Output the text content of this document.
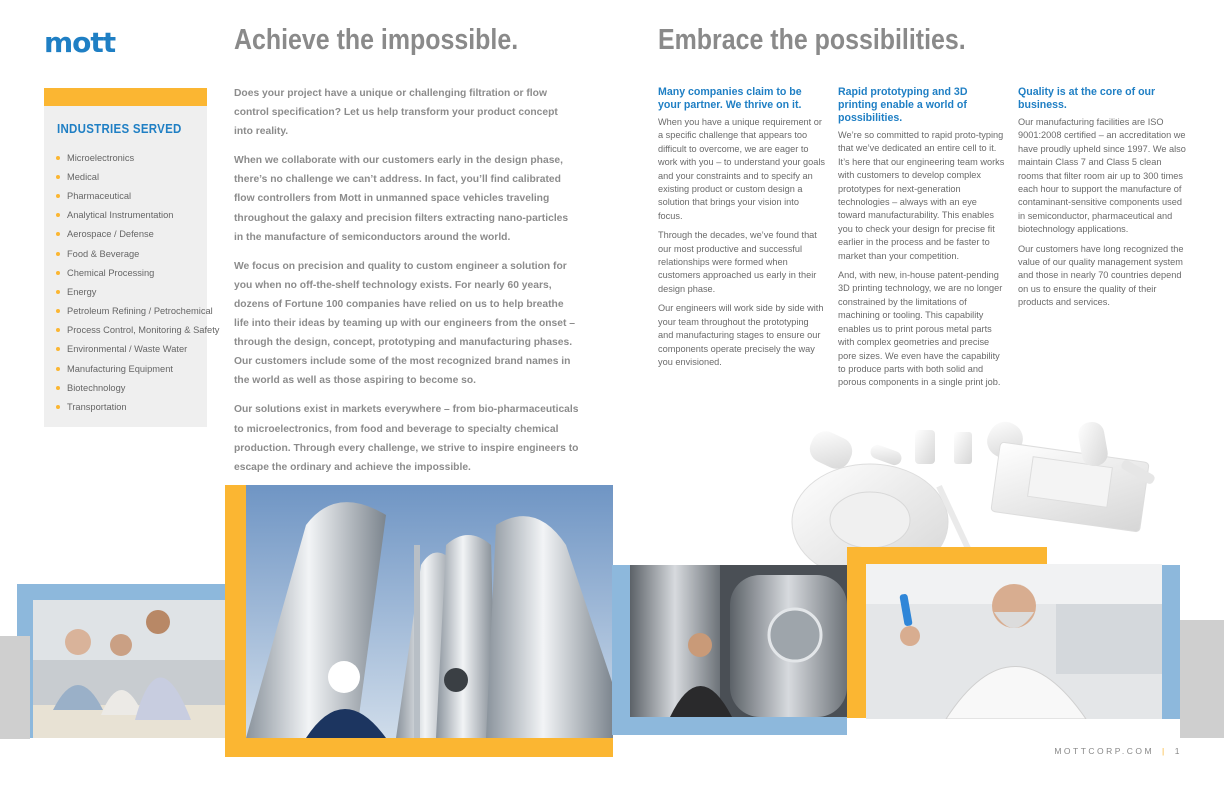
mott	Achieve the impossible.	Embrace the possibilities.
INDUSTRIES SERVED
Microelectronics
Medical
Pharmaceutical
Analytical Instrumentation
Aerospace / Defense
Food & Beverage
Chemical Processing
Energy
Petroleum Refining / Petrochemical
Process Control, Monitoring & Safety
Environmental / Waste Water
Manufacturing Equipment
Biotechnology
Transportation

Does your project have a unique or challenging filtration or flow control specification? Let us help transform your product concept into reality.

When we collaborate with our customers early in the design phase, there’s no challenge we can’t address. In fact, you’ll find calibrated flow controllers from Mott in unmanned space vehicles traveling throughout the galaxy and precision filters extracting nano-particles in the manufacture of semiconductors around the world.

We focus on precision and quality to custom engineer a solution for you when no off-the-shelf technology exists. For nearly 60 years, dozens of Fortune 100 companies have relied on us to help breathe life into their ideas by teaming up with our engineers from the onset – through the design, concept, prototyping and manufacturing phases. Our customers include some of the most recognized brand names in the world as well as those aspiring to become so.

Our solutions exist in markets everywhere – from bio-pharmaceuticals to microelectronics, from food and beverage to specialty chemical production. Through every challenge, we strive to inspire engineers to escape the ordinary and achieve the impossible.

Many companies claim to be your partner. We thrive on it.

When you have a unique requirement or a specific challenge that appears too difficult to overcome, we are eager to work with you – to understand your goals and your constraints and to specify an existing product or custom design a solution that brings your vision into focus.

Through the decades, we’ve found that our most productive and successful relationships were formed when customers approached us early in their design phase.

Our engineers will work side by side with your team throughout the prototyping and manufacturing stages to ensure our components operate precisely the way you envisioned.

Rapid prototyping and 3D printing enable a world of possibilities.

We’re so committed to rapid proto-typing that we’ve dedicated an entire cell to it. It’s here that our engineering team works with customers to develop complex prototypes for next-generation technologies – always with an eye toward manufacturability. This enables you to check your design for precise fit earlier in the process and be faster to market than your competition.

And, with new, in-house patent-pending 3D printing technology, we are no longer constrained by the limitations of machining or tooling. This capability enables us to print porous metal parts with complex geometries and precise pore sizes. We even have the capability to produce parts with both solid and porous components in a single print job.

Quality is at the core of our business.

Our manufacturing facilities are ISO 9001:2008 certified – an accreditation we have proudly upheld since 1997. We also maintain Class 7 and Class 5 clean rooms that filter room air up to 300 times each hour to support the manufacture of contaminant-sensitive components used in semiconductor, pharmaceutical and biotechnology applications.

Our customers have long recognized the value of our quality management system and those in nearly 70 countries depend on us to ensure the quality of their products and services.

MOTTCORP.COM | 1
